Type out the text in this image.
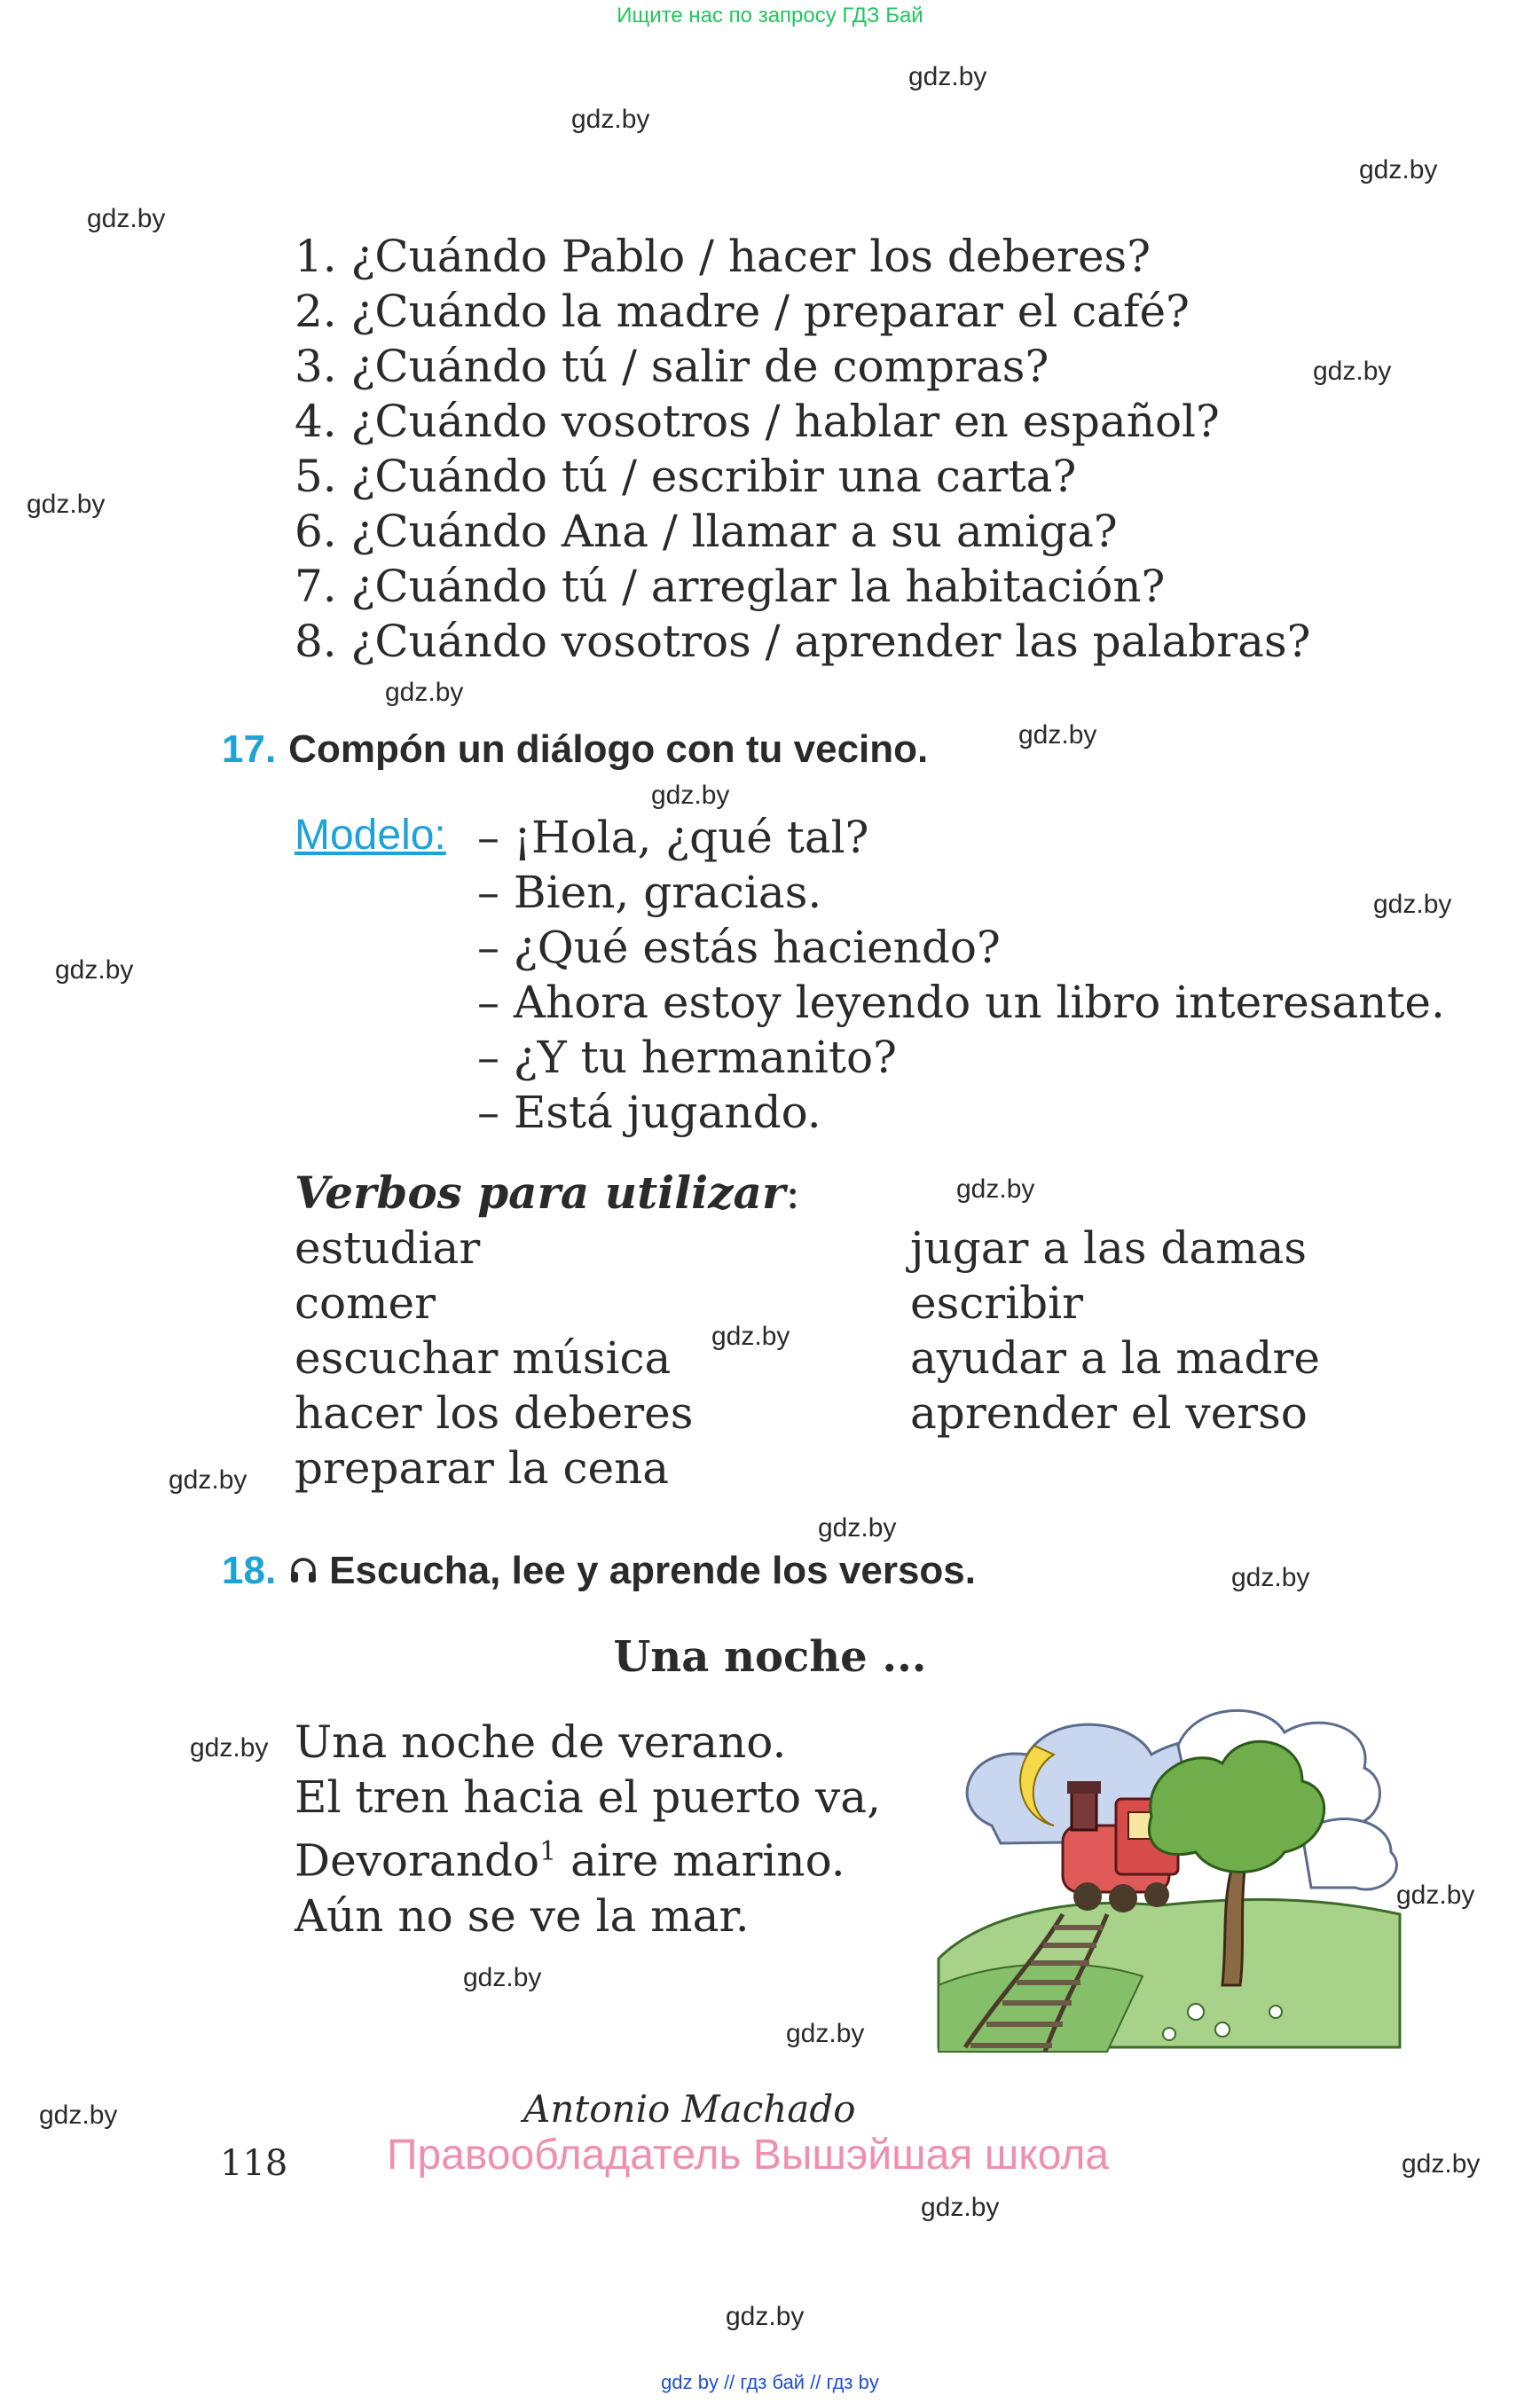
Ищите нас по запросу ГДЗ Бай
gdz.by
gdz.by
gdz.by
gdz.by
gdz.by
gdz.by
gdz.by
gdz.by
gdz.by
gdz.by
gdz.by
gdz.by
gdz.by
gdz.by
gdz.by
gdz.by
gdz.by
gdz.by
gdz.by
gdz.by
gdz.by
gdz.by
gdz.by
gdz.by
1. ¿Cuándo Pablo / hacer los deberes?
2. ¿Cuándo la madre / preparar el café?
3. ¿Cuándo tú / salir de compras?
4. ¿Cuándo vosotros / hablar en español?
5. ¿Cuándo tú / escribir una carta?
6. ¿Cuándo Ana / llamar a su amiga?
7. ¿Cuándo tú / arreglar la habitación?
8. ¿Cuándo vosotros / aprender las palabras?
17. Compón un diálogo con tu vecino.
Modelo: – ¡Hola, ¿qué tal?
– Bien, gracias.
– ¿Qué estás haciendo?
– Ahora estoy leyendo un libro interesante.
– ¿Y tu hermanito?
– Está jugando.
Verbos para utilizar:
estudiar
comer
escuchar música
hacer los deberes
preparar la cena
jugar a las damas
escribir
ayudar a la madre
aprender el verso
18. Escucha, lee y aprende los versos.
Una noche ...
Una noche de verano.
El tren hacia el puerto va,
Devorando$^1$ aire marino.
Aún no se ve la mar.
Antonio Machado
118 Правообладатель Вышэйшая школа
gdz by // гдз бай // гдз by
